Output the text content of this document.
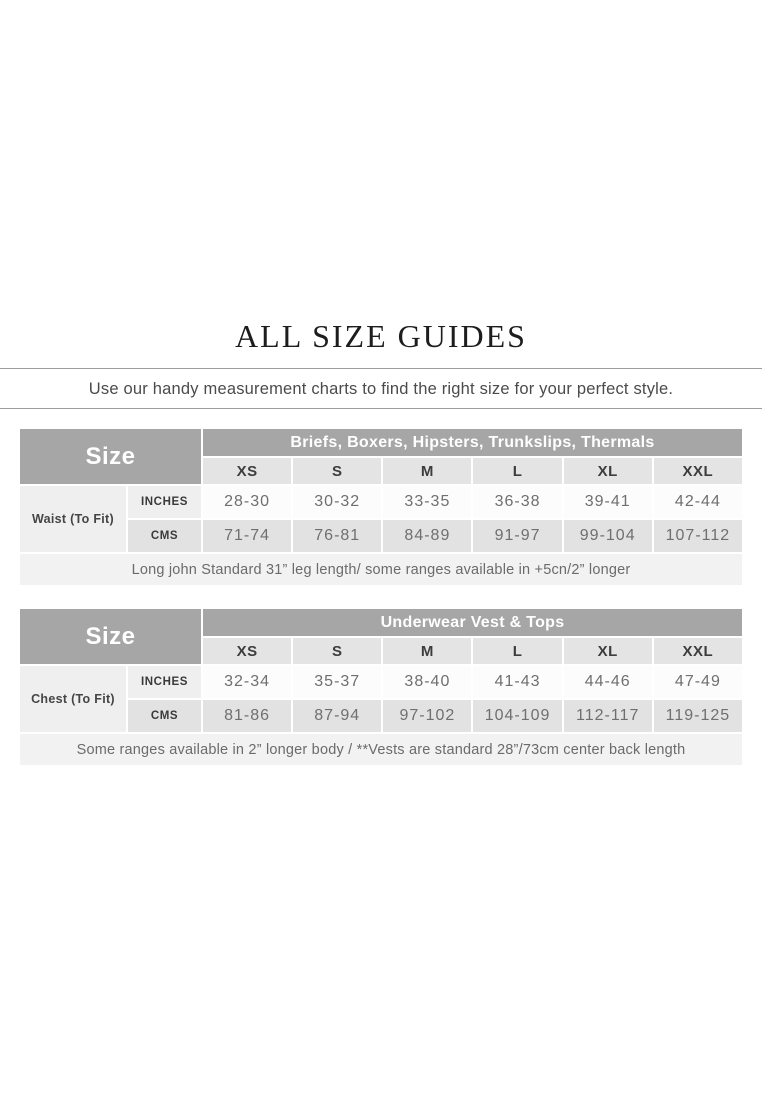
ALL SIZE GUIDES

Use our handy measurement charts to find the right size for your perfect style.

Size		Briefs, Boxers, Hipsters, Trunkslips, Thermals					
		XS	S	M	L	XL	XXL
Waist (To Fit)	INCHES	28-30	30-32	33-35	36-38	39-41	42-44
	CMS	71-74	76-81	84-89	91-97	99-104	107-112
Long john Standard 31” leg length/ some ranges available in +5cn/2” longer							
Size		Underwear Vest & Tops					
		XS	S	M	L	XL	XXL
Chest (To Fit)	INCHES	32-34	35-37	38-40	41-43	44-46	47-49
	CMS	81-86	87-94	97-102	104-109	112-117	119-125
Some ranges available in 2” longer body / **Vests are standard 28”/73cm center back length							
